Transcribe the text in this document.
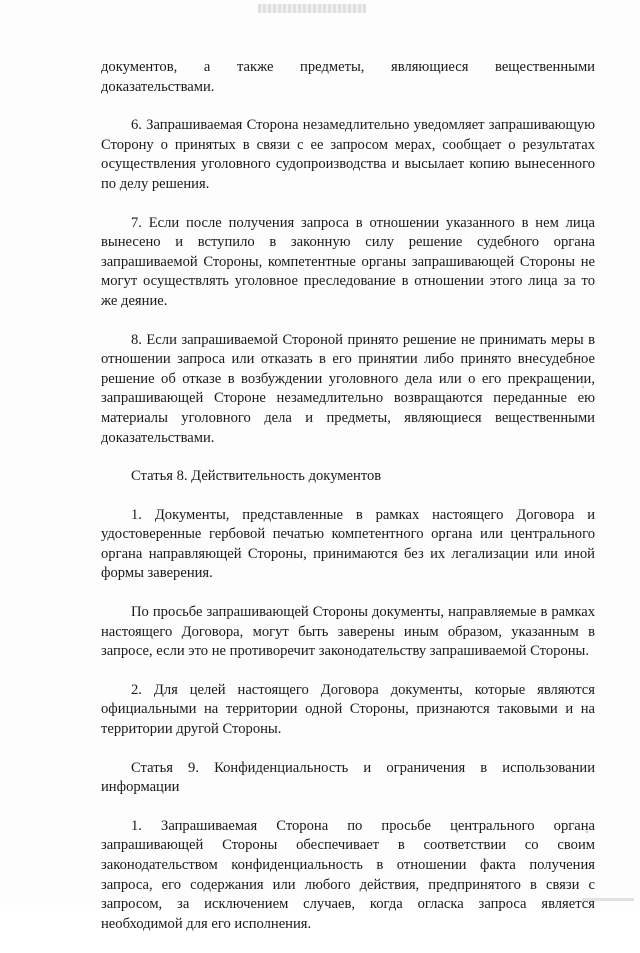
документов, а также предметы, являющиеся вещественными доказательствами.

6. Запрашиваемая Сторона незамедлительно уведомляет запрашивающую Сторону о принятых в связи с ее запросом мерах, сообщает о результатах осуществления уголовного судопроизводства и высылает копию вынесенного по делу решения.

7. Если после получения запроса в отношении указанного в нем лица вынесено и вступило в законную силу решение судебного органа запрашиваемой Стороны, компетентные органы запрашивающей Стороны не могут осуществлять уголовное преследование в отношении этого лица за то же деяние.

8. Если запрашиваемой Стороной принято решение не принимать меры в отношении запроса или отказать в его принятии либо принято внесудебное решение об отказе в возбуждении уголовного дела или о его прекращении, запрашивающей Стороне незамедлительно возвращаются переданные ею материалы уголовного дела и предметы, являющиеся вещественными доказательствами.

Статья 8. Действительность документов

1. Документы, представленные в рамках настоящего Договора и удостоверенные гербовой печатью компетентного органа или центрального органа направляющей Стороны, принимаются без их легализации или иной формы заверения.

По просьбе запрашивающей Стороны документы, направляемые в рамках настоящего Договора, могут быть заверены иным образом, указанным в запросе, если это не противоречит законодательству запрашиваемой Стороны.

2. Для целей настоящего Договора документы, которые являются официальными на территории одной Стороны, признаются таковыми и на территории другой Стороны.

Статья 9. Конфиденциальность и ограничения в использовании информации

1. Запрашиваемая Сторона по просьбе центрального органа запрашивающей Стороны обеспечивает в соответствии со своим законодательством конфиденциальность в отношении факта получения запроса, его содержания или любого действия, предпринятого в связи с запросом, за исключением случаев, когда огласка запроса является необходимой для его исполнения.
